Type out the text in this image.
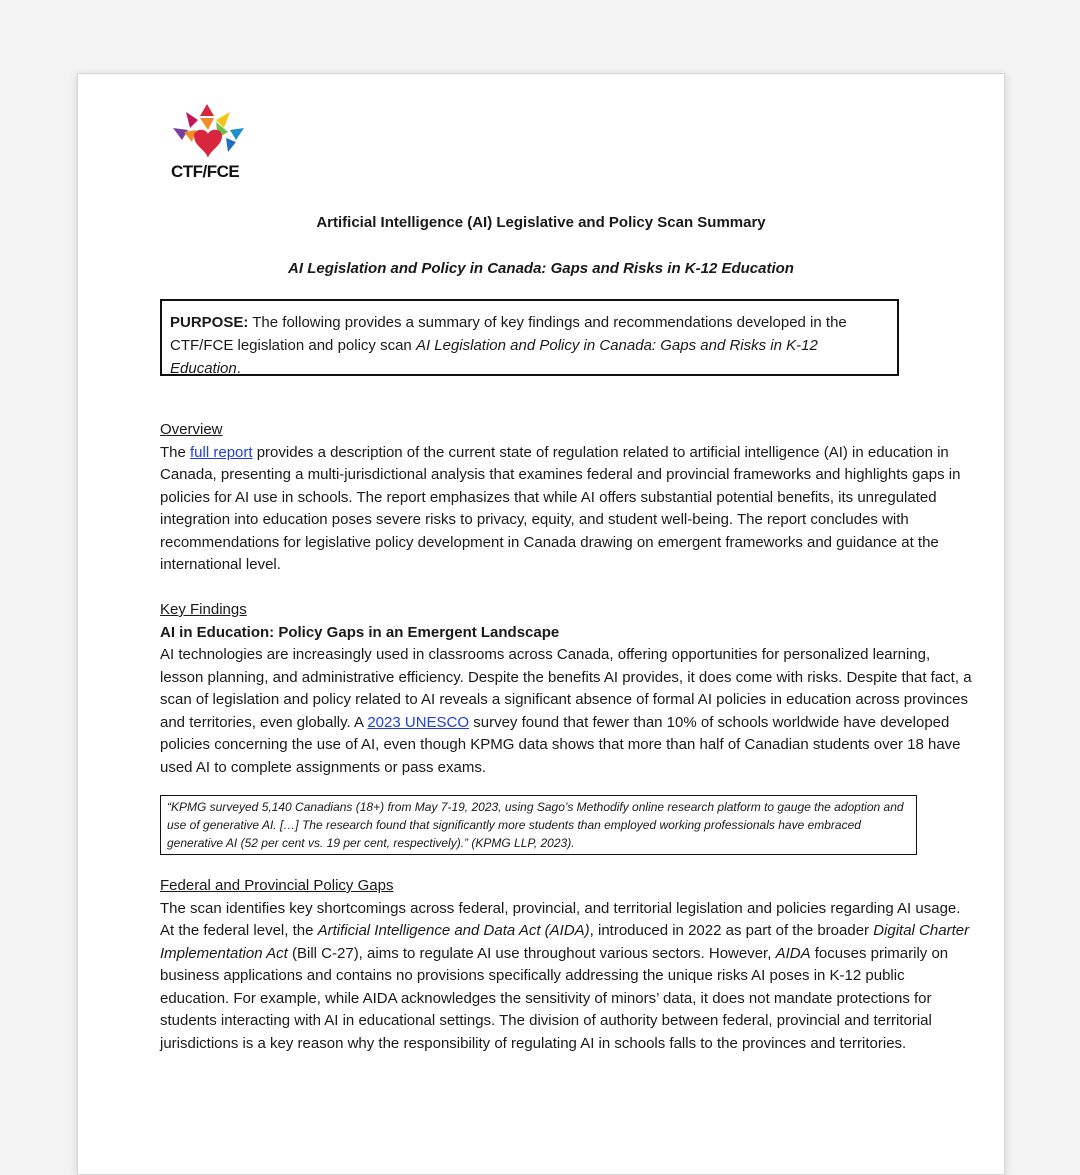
CTF/FCE
Artificial Intelligence (AI) Legislative and Policy Scan Summary
AI Legislation and Policy in Canada: Gaps and Risks in K-12 Education
PURPOSE: The following provides a summary of key findings and recommendations developed in the CTF/FCE legislation and policy scan AI Legislation and Policy in Canada: Gaps and Risks in K-12 Education.
Overview

The full report provides a description of the current state of regulation related to artificial intelligence (AI) in education in Canada, presenting a multi-jurisdictional analysis that examines federal and provincial frameworks and highlights gaps in policies for AI use in schools. The report emphasizes that while AI offers substantial potential benefits, its unregulated integration into education poses severe risks to privacy, equity, and student well-being. The report concludes with recommendations for legislative policy development in Canada drawing on emergent frameworks and guidance at the international level.

Key Findings
AI in Education: Policy Gaps in an Emergent Landscape

AI technologies are increasingly used in classrooms across Canada, offering opportunities for personalized learning, lesson planning, and administrative efficiency. Despite the benefits AI provides, it does come with risks. Despite that fact, a scan of legislation and policy related to AI reveals a significant absence of formal AI policies in education across provinces and territories, even globally. A 2023 UNESCO survey found that fewer than 10% of schools worldwide have developed policies concerning the use of AI, even though KPMG data shows that more than half of Canadian students over 18 have used AI to complete assignments or pass exams.

“KPMG surveyed 5,140 Canadians (18+) from May 7-19, 2023, using Sago’s Methodify online research platform to gauge the adoption and use of generative AI. […] The research found that significantly more students than employed working professionals have embraced generative AI (52 per cent vs. 19 per cent, respectively).” (KPMG LLP, 2023).
Federal and Provincial Policy Gaps

The scan identifies key shortcomings across federal, provincial, and territorial legislation and policies regarding AI usage. At the federal level, the Artificial Intelligence and Data Act (AIDA), introduced in 2022 as part of the broader Digital Charter Implementation Act (Bill C-27), aims to regulate AI use throughout various sectors. However, AIDA focuses primarily on business applications and contains no provisions specifically addressing the unique risks AI poses in K-12 public education. For example, while AIDA acknowledges the sensitivity of minors’ data, it does not mandate protections for students interacting with AI in educational settings. The division of authority between federal, provincial and territorial jurisdictions is a key reason why the responsibility of regulating AI in schools falls to the provinces and territories.
